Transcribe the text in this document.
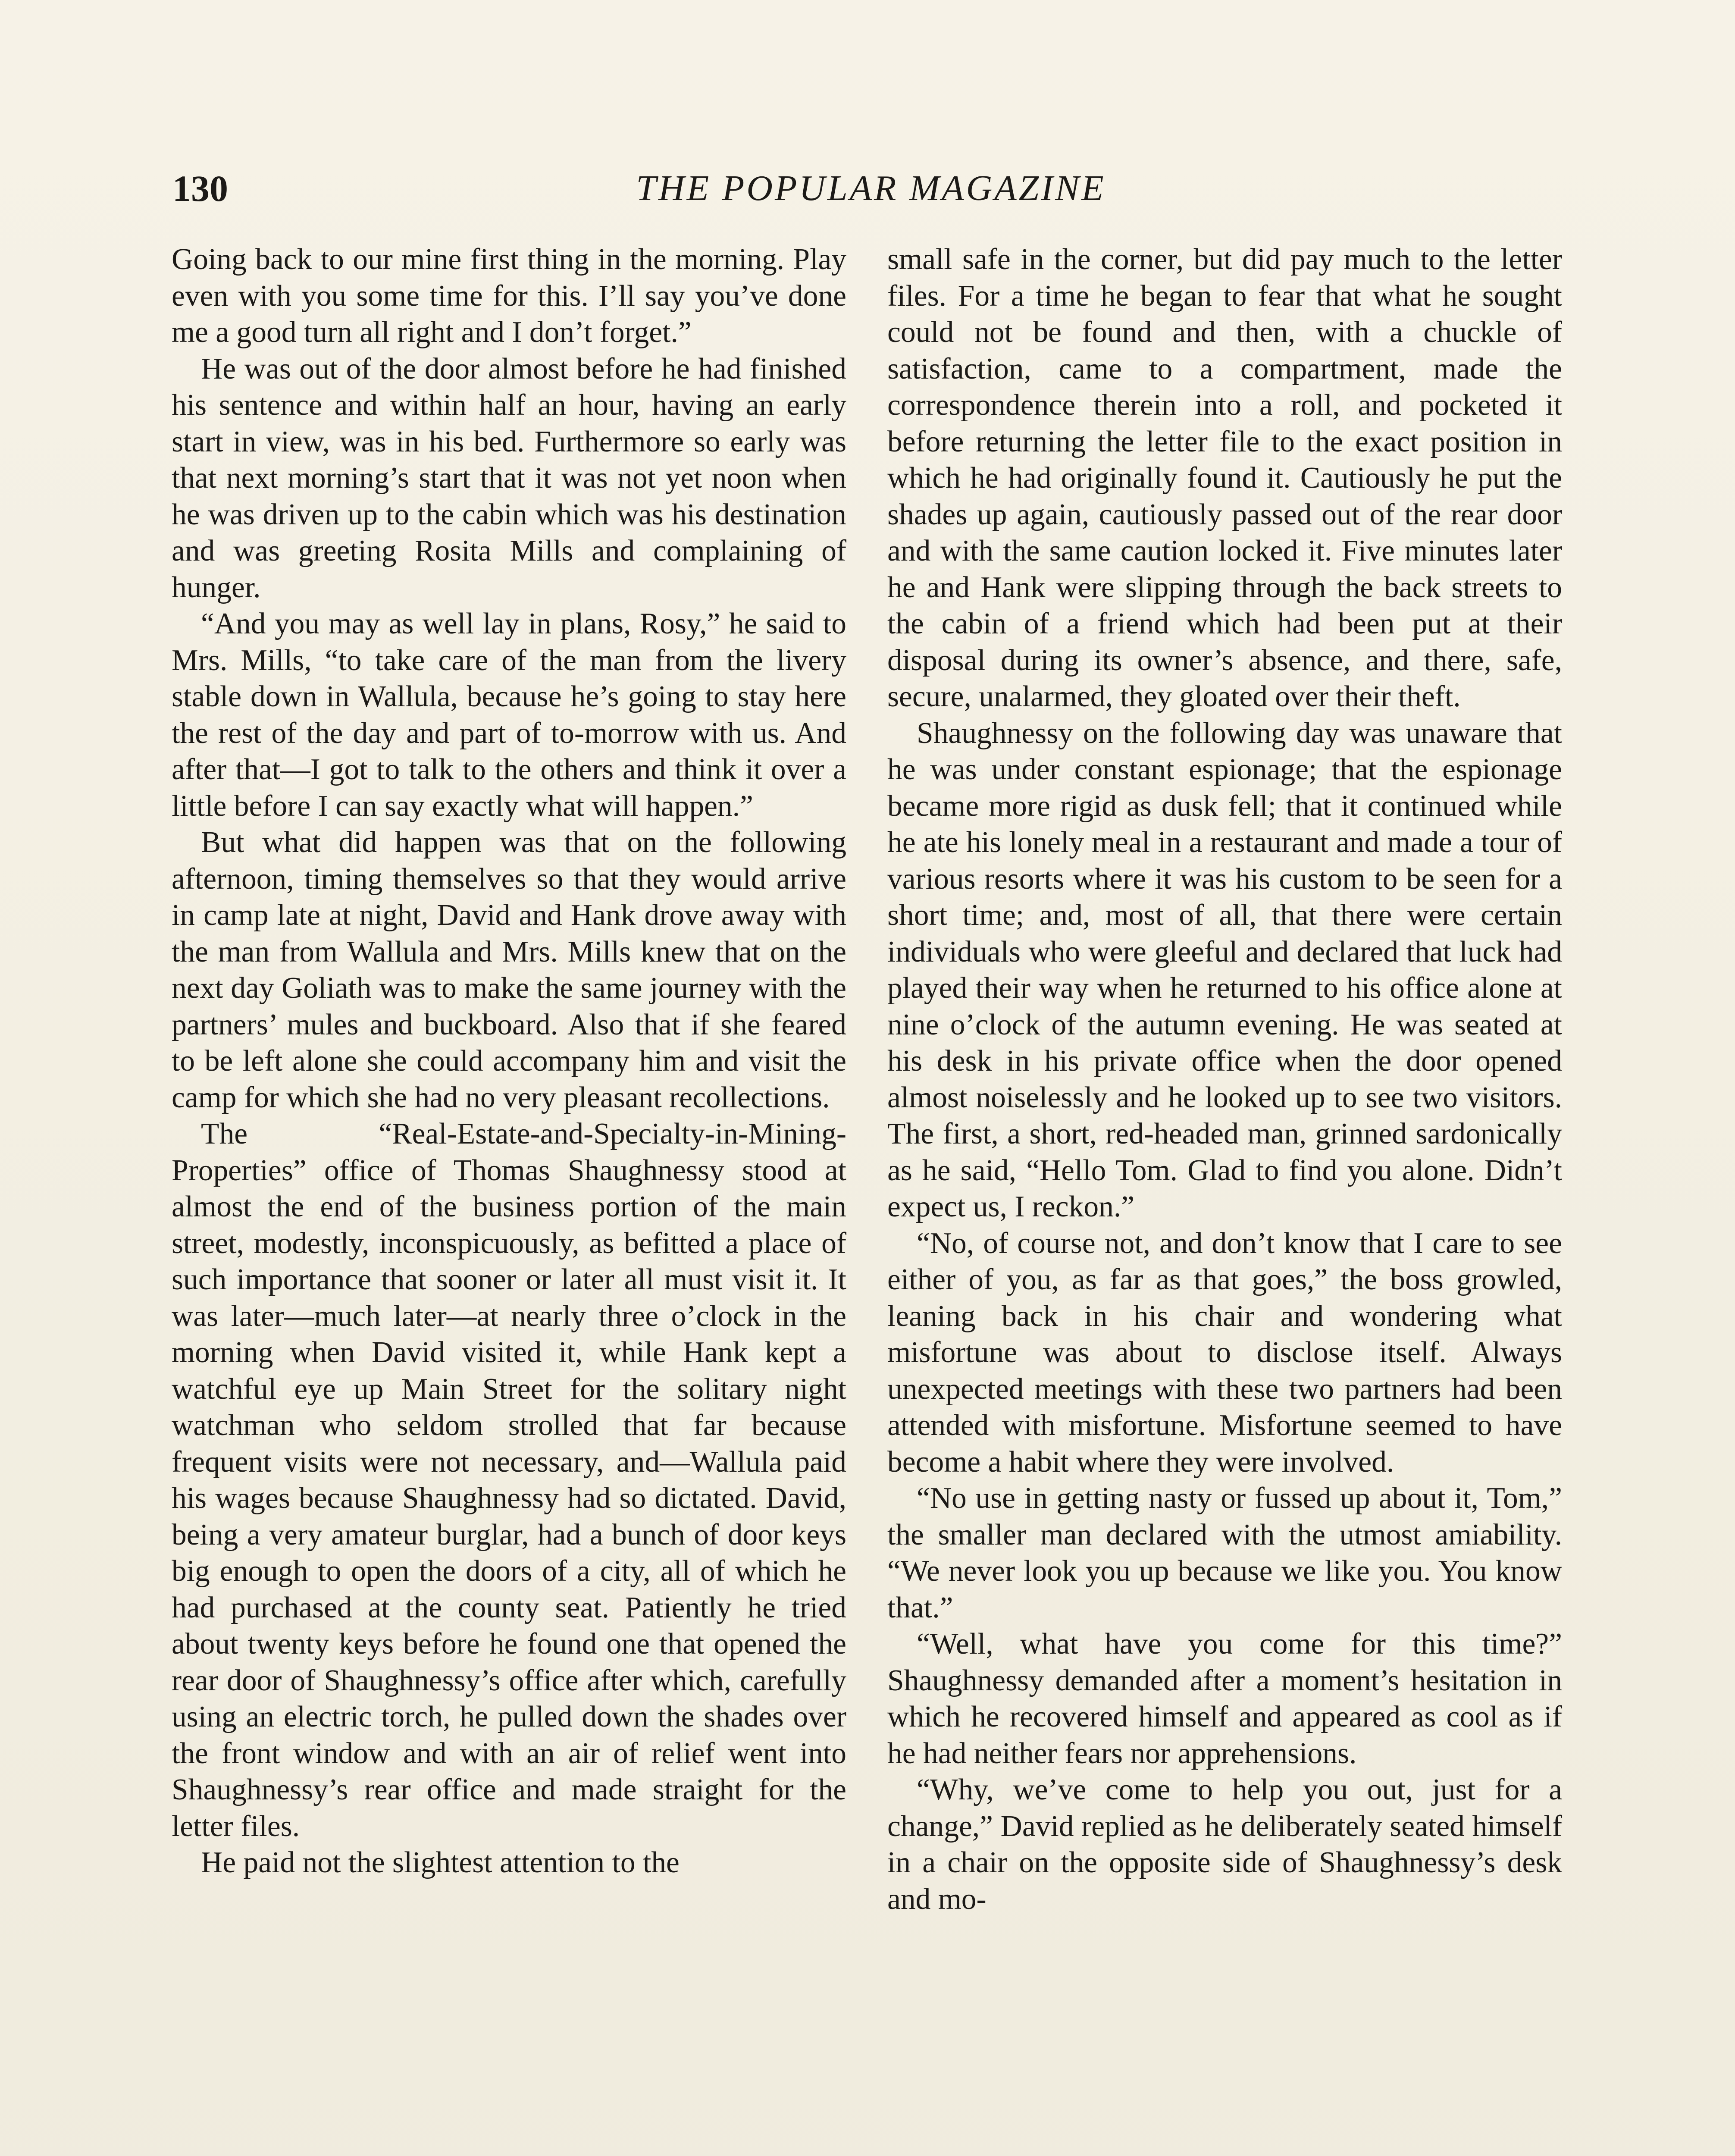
130	THE POPULAR MAGAZINE

Going back to our mine first thing in the morning. Play even with you some time for this. I’ll say you’ve done me a good turn all right and I don’t forget.”

He was out of the door almost before he had finished his sentence and within half an hour, having an early start in view, was in his bed. Furthermore so early was that next morning’s start that it was not yet noon when he was driven up to the cabin which was his destination and was greeting Rosita Mills and complaining of hunger.

“And you may as well lay in plans, Rosy,” he said to Mrs. Mills, “to take care of the man from the livery stable down in Wallula, because he’s going to stay here the rest of the day and part of to-morrow with us. And after that—I got to talk to the others and think it over a little before I can say exactly what will happen.”

But what did happen was that on the following afternoon, timing themselves so that they would arrive in camp late at night, David and Hank drove away with the man from Wallula and Mrs. Mills knew that on the next day Goliath was to make the same journey with the partners’ mules and buckboard. Also that if she feared to be left alone she could accompany him and visit the camp for which she had no very pleasant recollections.

The “Real-Estate-and-Specialty-in-Mining-Properties” office of Thomas Shaughnessy stood at almost the end of the business portion of the main street, modestly, inconspicuously, as befitted a place of such importance that sooner or later all must visit it. It was later—much later—at nearly three o’clock in the morning when David visited it, while Hank kept a watchful eye up Main Street for the solitary night watchman who seldom strolled that far because frequent visits were not necessary, and—Wallula paid his wages because Shaughnessy had so dictated. David, being a very amateur burglar, had a bunch of door keys big enough to open the doors of a city, all of which he had purchased at the county seat. Patiently he tried about twenty keys before he found one that opened the rear door of Shaughnessy’s office after which, carefully using an electric torch, he pulled down the shades over the front window and with an air of relief went into Shaughnessy’s rear office and made straight for the letter files.

He paid not the slightest attention to the

small safe in the corner, but did pay much to the letter files. For a time he began to fear that what he sought could not be found and then, with a chuckle of satisfaction, came to a compartment, made the correspondence therein into a roll, and pocketed it before returning the letter file to the exact position in which he had originally found it. Cautiously he put the shades up again, cautiously passed out of the rear door and with the same caution locked it. Five minutes later he and Hank were slipping through the back streets to the cabin of a friend which had been put at their disposal during its owner’s absence, and there, safe, secure, unalarmed, they gloated over their theft.

Shaughnessy on the following day was unaware that he was under constant espionage; that the espionage became more rigid as dusk fell; that it continued while he ate his lonely meal in a restaurant and made a tour of various resorts where it was his custom to be seen for a short time; and, most of all, that there were certain individuals who were gleeful and declared that luck had played their way when he returned to his office alone at nine o’clock of the autumn evening. He was seated at his desk in his private office when the door opened almost noiselessly and he looked up to see two visitors. The first, a short, red-headed man, grinned sardonically as he said, “Hello Tom. Glad to find you alone. Didn’t expect us, I reckon.”

“No, of course not, and don’t know that I care to see either of you, as far as that goes,” the boss growled, leaning back in his chair and wondering what misfortune was about to disclose itself. Always unexpected meetings with these two partners had been attended with misfortune. Misfortune seemed to have become a habit where they were involved.

“No use in getting nasty or fussed up about it, Tom,” the smaller man declared with the utmost amiability. “We never look you up because we like you. You know that.”

“Well, what have you come for this time?” Shaughnessy demanded after a moment’s hesitation in which he recovered himself and appeared as cool as if he had neither fears nor apprehensions.

“Why, we’ve come to help you out, just for a change,” David replied as he deliberately seated himself in a chair on the opposite side of Shaughnessy’s desk and mo-
